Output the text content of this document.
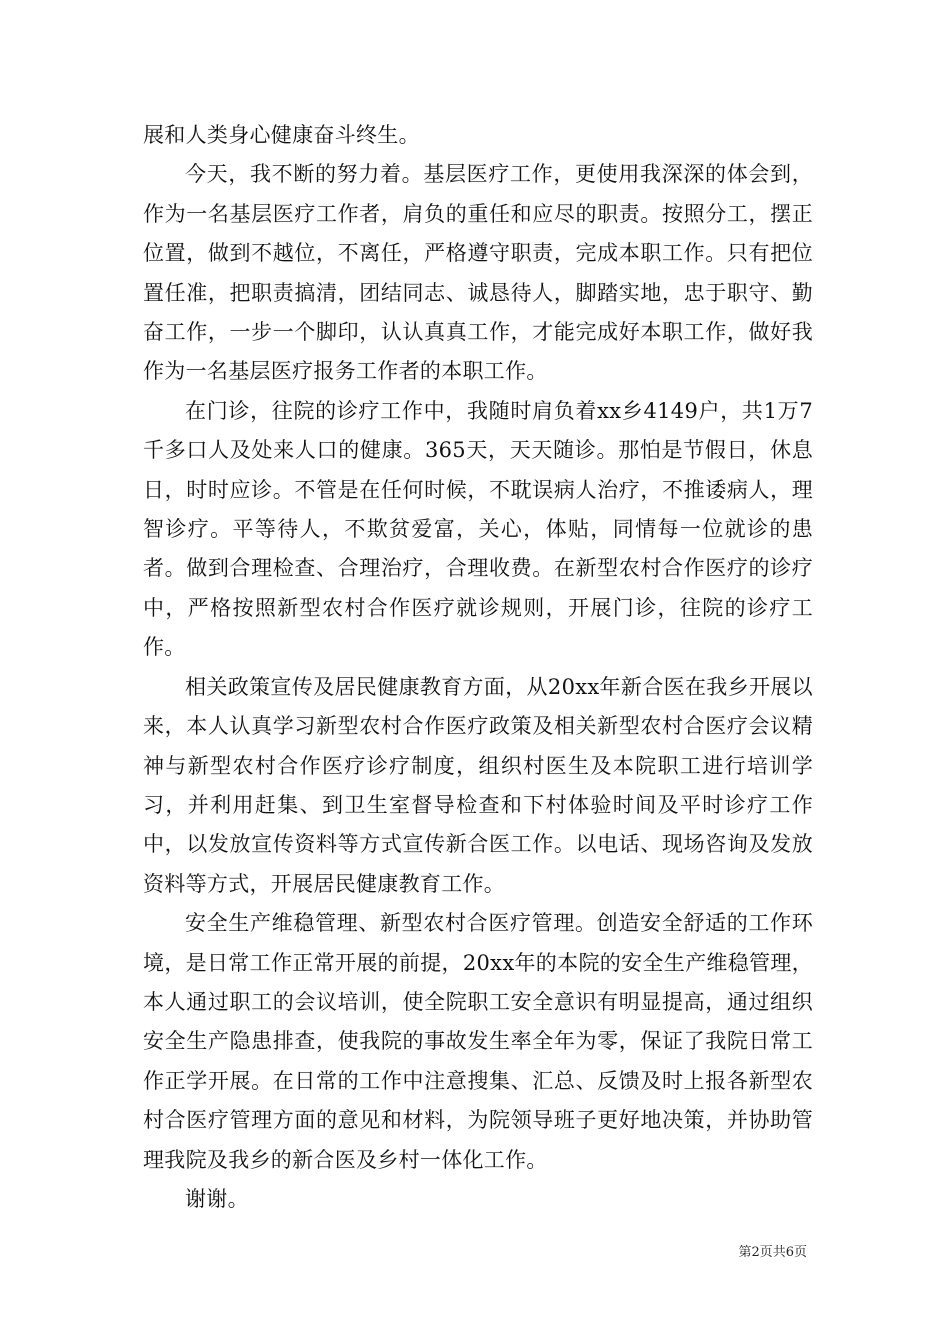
展和人类身心健康奋斗终生。

今天，我不断的努力着。基层医疗工作，更使用我深深的体会到，作为一名基层医疗工作者，肩负的重任和应尽的职责。按照分工，摆正位置，做到不越位，不离任，严格遵守职责，完成本职工作。只有把位置任准，把职责搞清，团结同志、诚恳待人，脚踏实地，忠于职守、勤奋工作，一步一个脚印，认认真真工作，才能完成好本职工作，做好我作为一名基层医疗报务工作者的本职工作。

在门诊，往院的诊疗工作中，我随时肩负着xx乡4149户，共1万7千多口人及处来人口的健康。365天，天天随诊。那怕是节假日，休息日，时时应诊。不管是在任何时候，不耽误病人治疗，不推诿病人，理智诊疗。平等待人，不欺贫爱富，关心，体贴，同情每一位就诊的患者。做到合理检查、合理治疗，合理收费。在新型农村合作医疗的诊疗中，严格按照新型农村合作医疗就诊规则，开展门诊，往院的诊疗工作。

相关政策宣传及居民健康教育方面，从20xx年新合医在我乡开展以来，本人认真学习新型农村合作医疗政策及相关新型农村合医疗会议精神与新型农村合作医疗诊疗制度，组织村医生及本院职工进行培训学习，并利用赶集、到卫生室督导检查和下村体验时间及平时诊疗工作中，以发放宣传资料等方式宣传新合医工作。以电话、现场咨询及发放资料等方式，开展居民健康教育工作。

安全生产维稳管理、新型农村合医疗管理。创造安全舒适的工作环境，是日常工作正常开展的前提，20xx年的本院的安全生产维稳管理，本人通过职工的会议培训，使全院职工安全意识有明显提高，通过组织安全生产隐患排查，使我院的事故发生率全年为零，保证了我院日常工作正学开展。在日常的工作中注意搜集、汇总、反馈及时上报各新型农村合医疗管理方面的意见和材料，为院领导班子更好地决策，并协助管理我院及我乡的新合医及乡村一体化工作。

谢谢。

第2页共6页
